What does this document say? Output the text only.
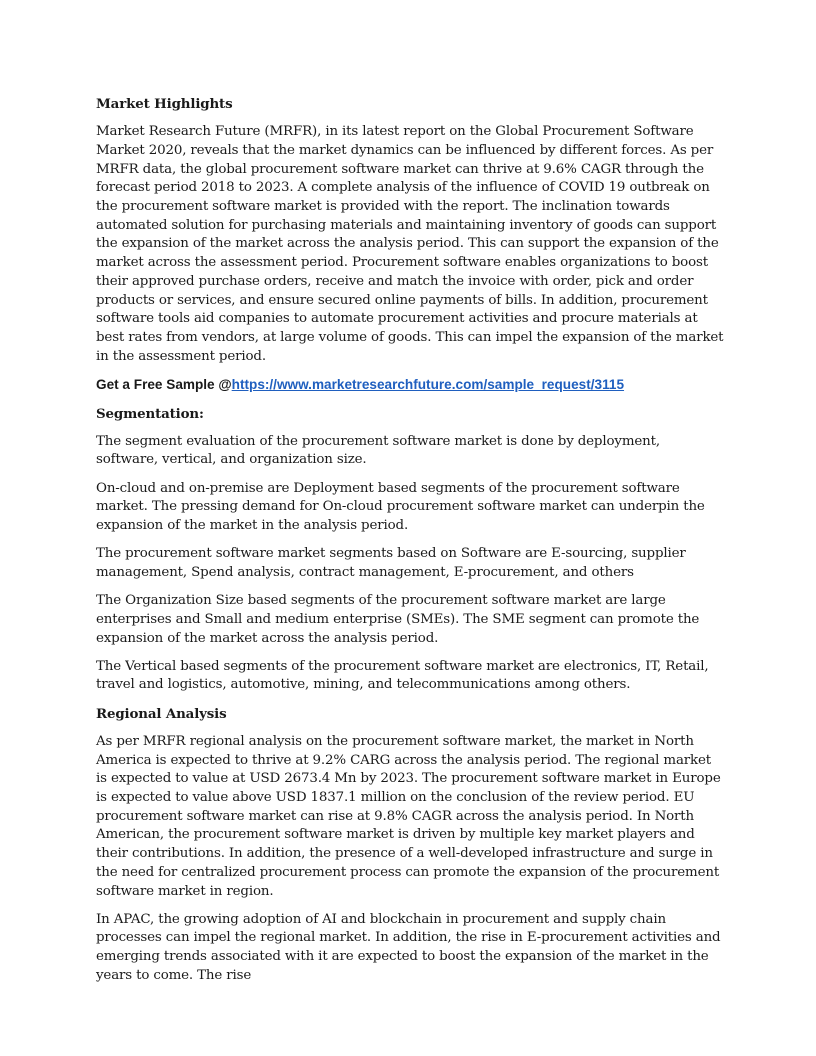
Market Highlights

Market Research Future (MRFR), in its latest report on the Global Procurement Software Market 2020, reveals that the market dynamics can be influenced by different forces. As per MRFR data, the global procurement software market can thrive at 9.6% CAGR through the forecast period 2018 to 2023. A complete analysis of the influence of COVID 19 outbreak on the procurement software market is provided with the report. The inclination towards automated solution for purchasing materials and maintaining inventory of goods can support the expansion of the market across the analysis period. This can support the expansion of the market across the assessment period. Procurement software enables organizations to boost their approved purchase orders, receive and match the invoice with order, pick and order products or services, and ensure secured online payments of bills. In addition, procurement software tools aid companies to automate procurement activities and procure materials at best rates from vendors, at large volume of goods. This can impel the expansion of the market in the assessment period.

Get a Free Sample @https://www.marketresearchfuture.com/sample_request/3115
Segmentation:

The segment evaluation of the procurement software market is done by deployment, software, vertical, and organization size.

On-cloud and on-premise are Deployment based segments of the procurement software market. The pressing demand for On-cloud procurement software market can underpin the expansion of the market in the analysis period.

The procurement software market segments based on Software are E-sourcing, supplier management, Spend analysis, contract management, E-procurement, and others

The Organization Size based segments of the procurement software market are large enterprises and Small and medium enterprise (SMEs). The SME segment can promote the expansion of the market across the analysis period.

The Vertical based segments of the procurement software market are electronics, IT, Retail, travel and logistics, automotive, mining, and telecommunications among others.

Regional Analysis

As per MRFR regional analysis on the procurement software market, the market in North America is expected to thrive at 9.2% CARG across the analysis period. The regional market is expected to value at USD 2673.4 Mn by 2023. The procurement software market in Europe is expected to value above USD 1837.1 million on the conclusion of the review period. EU procurement software market can rise at 9.8% CAGR across the analysis period. In North American, the procurement software market is driven by multiple key market players and their contributions. In addition, the presence of a well-developed infrastructure and surge in the need for centralized procurement process can promote the expansion of the procurement software market in region.

In APAC, the growing adoption of AI and blockchain in procurement and supply chain processes can impel the regional market. In addition, the rise in E-procurement activities and emerging trends associated with it are expected to boost the expansion of the market in the years to come. The rise
